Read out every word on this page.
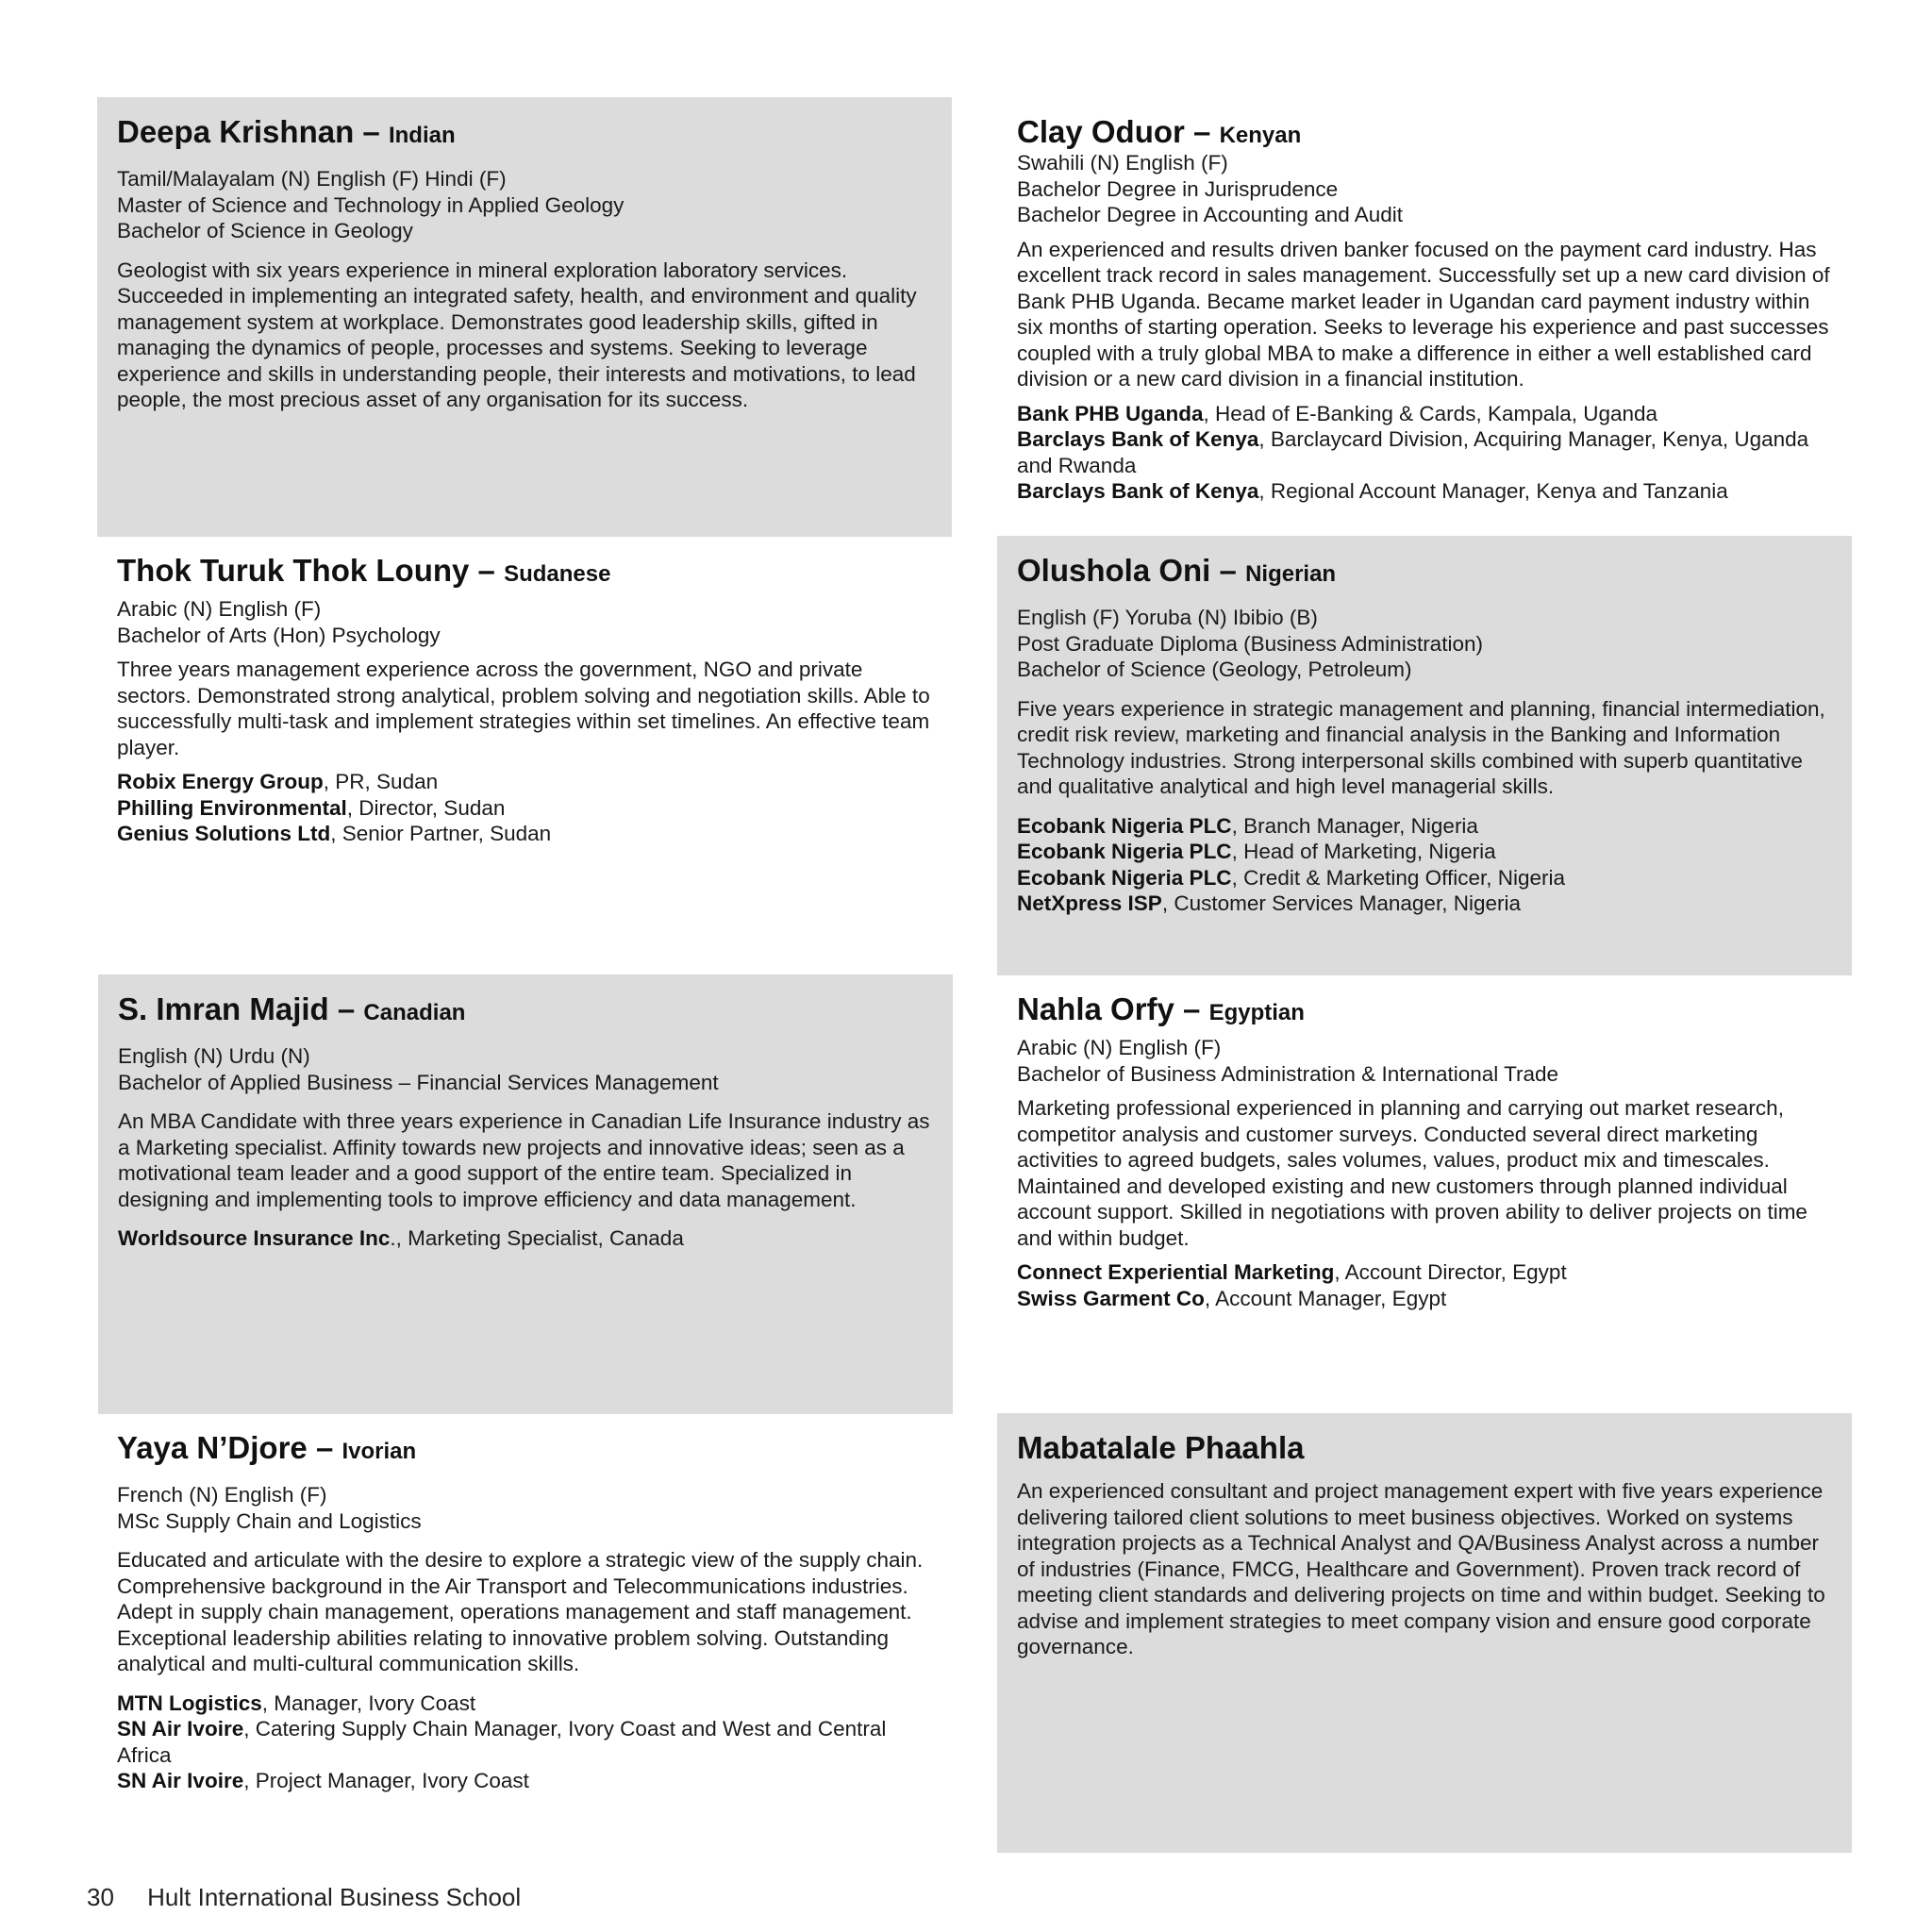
Deepa Krishnan – Indian
Tamil/Malayalam (N) English (F) Hindi (F)
Master of Science and Technology in Applied Geology
Bachelor of Science in Geology

Geologist with six years experience in mineral exploration laboratory services. Succeeded in implementing an integrated safety, health, and environment and quality management system at workplace. Demonstrates good leadership skills, gifted in managing the dynamics of people, processes and systems. Seeking to leverage experience and skills in understanding people, their interests and motivations, to lead people, the most precious asset of any organisation for its success.

Clay Oduor – Kenyan
Swahili (N) English (F)
Bachelor Degree in Jurisprudence
Bachelor Degree in Accounting and Audit

An experienced and results driven banker focused on the payment card industry. Has excellent track record in sales management. Successfully set up a new card division of Bank PHB Uganda. Became market leader in Ugandan card payment industry within six months of starting operation. Seeks to leverage his experience and past successes coupled with a truly global MBA to make a difference in either a well established card division or a new card division in a financial institution.

Bank PHB Uganda, Head of E-Banking & Cards, Kampala, Uganda
Barclays Bank of Kenya, Barclaycard Division, Acquiring Manager, Kenya, Uganda and Rwanda
Barclays Bank of Kenya, Regional Account Manager, Kenya and Tanzania
Thok Turuk Thok Louny – Sudanese
Arabic (N) English (F)
Bachelor of Arts (Hon) Psychology

Three years management experience across the government, NGO and private sectors. Demonstrated strong analytical, problem solving and negotiation skills. Able to successfully multi-task and implement strategies within set timelines. An effective team player.

Robix Energy Group, PR, Sudan
Philling Environmental, Director, Sudan
Genius Solutions Ltd, Senior Partner, Sudan
Olushola Oni – Nigerian
English (F) Yoruba (N) Ibibio (B)
Post Graduate Diploma (Business Administration)
Bachelor of Science (Geology, Petroleum)

Five years experience in strategic management and planning, financial intermediation, credit risk review, marketing and financial analysis in the Banking and Information Technology industries. Strong interpersonal skills combined with superb quantitative and qualitative analytical and high level managerial skills.

Ecobank Nigeria PLC, Branch Manager, Nigeria
Ecobank Nigeria PLC, Head of Marketing, Nigeria
Ecobank Nigeria PLC, Credit & Marketing Officer, Nigeria
NetXpress ISP, Customer Services Manager, Nigeria
S. Imran Majid – Canadian
English (N) Urdu (N)
Bachelor of Applied Business – Financial Services Management

An MBA Candidate with three years experience in Canadian Life Insurance industry as a Marketing specialist. Affinity towards new projects and innovative ideas; seen as a motivational team leader and a good support of the entire team. Specialized in designing and implementing tools to improve efficiency and data management.

Worldsource Insurance Inc., Marketing Specialist, Canada
Nahla Orfy – Egyptian
Arabic (N) English (F)
Bachelor of Business Administration & International Trade

Marketing professional experienced in planning and carrying out market research, competitor analysis and customer surveys. Conducted several direct marketing activities to agreed budgets, sales volumes, values, product mix and timescales. Maintained and developed existing and new customers through planned individual account support. Skilled in negotiations with proven ability to deliver projects on time and within budget.

Connect Experiential Marketing, Account Director, Egypt
Swiss Garment Co, Account Manager, Egypt
Yaya N’Djore – Ivorian
French (N) English (F)
MSc Supply Chain and Logistics

Educated and articulate with the desire to explore a strategic view of the supply chain. Comprehensive background in the Air Transport and Telecommunications industries. Adept in supply chain management, operations management and staff management. Exceptional leadership abilities relating to innovative problem solving. Outstanding analytical and multi-cultural communication skills.

MTN Logistics, Manager, Ivory Coast
SN Air Ivoire, Catering Supply Chain Manager, Ivory Coast and West and Central Africa
SN Air Ivoire, Project Manager, Ivory Coast
Mabatalale Phaahla

An experienced consultant and project management expert with five years experience delivering tailored client solutions to meet business objectives. Worked on systems integration projects as a Technical Analyst and QA/Business Analyst across a number of industries (Finance, FMCG, Healthcare and Government). Proven track record of meeting client standards and delivering projects on time and within budget. Seeking to advise and implement strategies to meet company vision and ensure good corporate governance.

30 Hult International Business School
